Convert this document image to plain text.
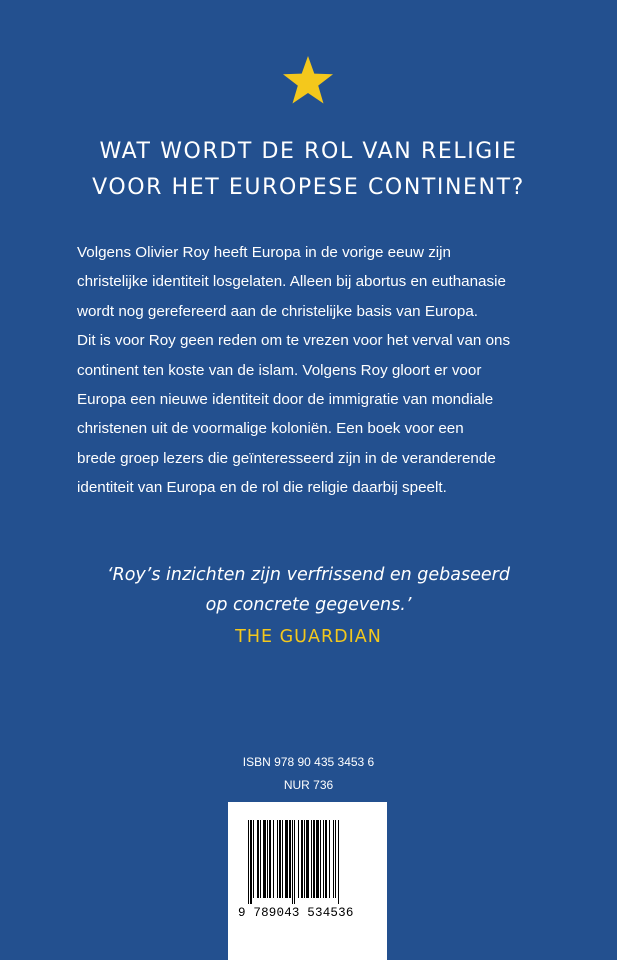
WAT WORDT DE ROL VAN RELIGIE
VOOR HET EUROPESE CONTINENT?
Volgens Olivier Roy heeft Europa in de vorige eeuw zijn
christelijke identiteit losgelaten. Alleen bij abortus en euthanasie
wordt nog gerefereerd aan de christelijke basis van Europa.
Dit is voor Roy geen reden om te vrezen voor het verval van ons
continent ten koste van de islam. Volgens Roy gloort er voor
Europa een nieuwe identiteit door de immigratie van mondiale
christenen uit de voormalige koloniën. Een boek voor een
brede groep lezers die geïnteresseerd zijn in de veranderende
identiteit van Europa en de rol die religie daarbij speelt.
‘Roy’s inzichten zijn verfrissend en gebaseerd
op concrete gegevens.’
THE GUARDIAN
ISBN 978 90 435 3453 6
NUR 736
9 789043 534536
